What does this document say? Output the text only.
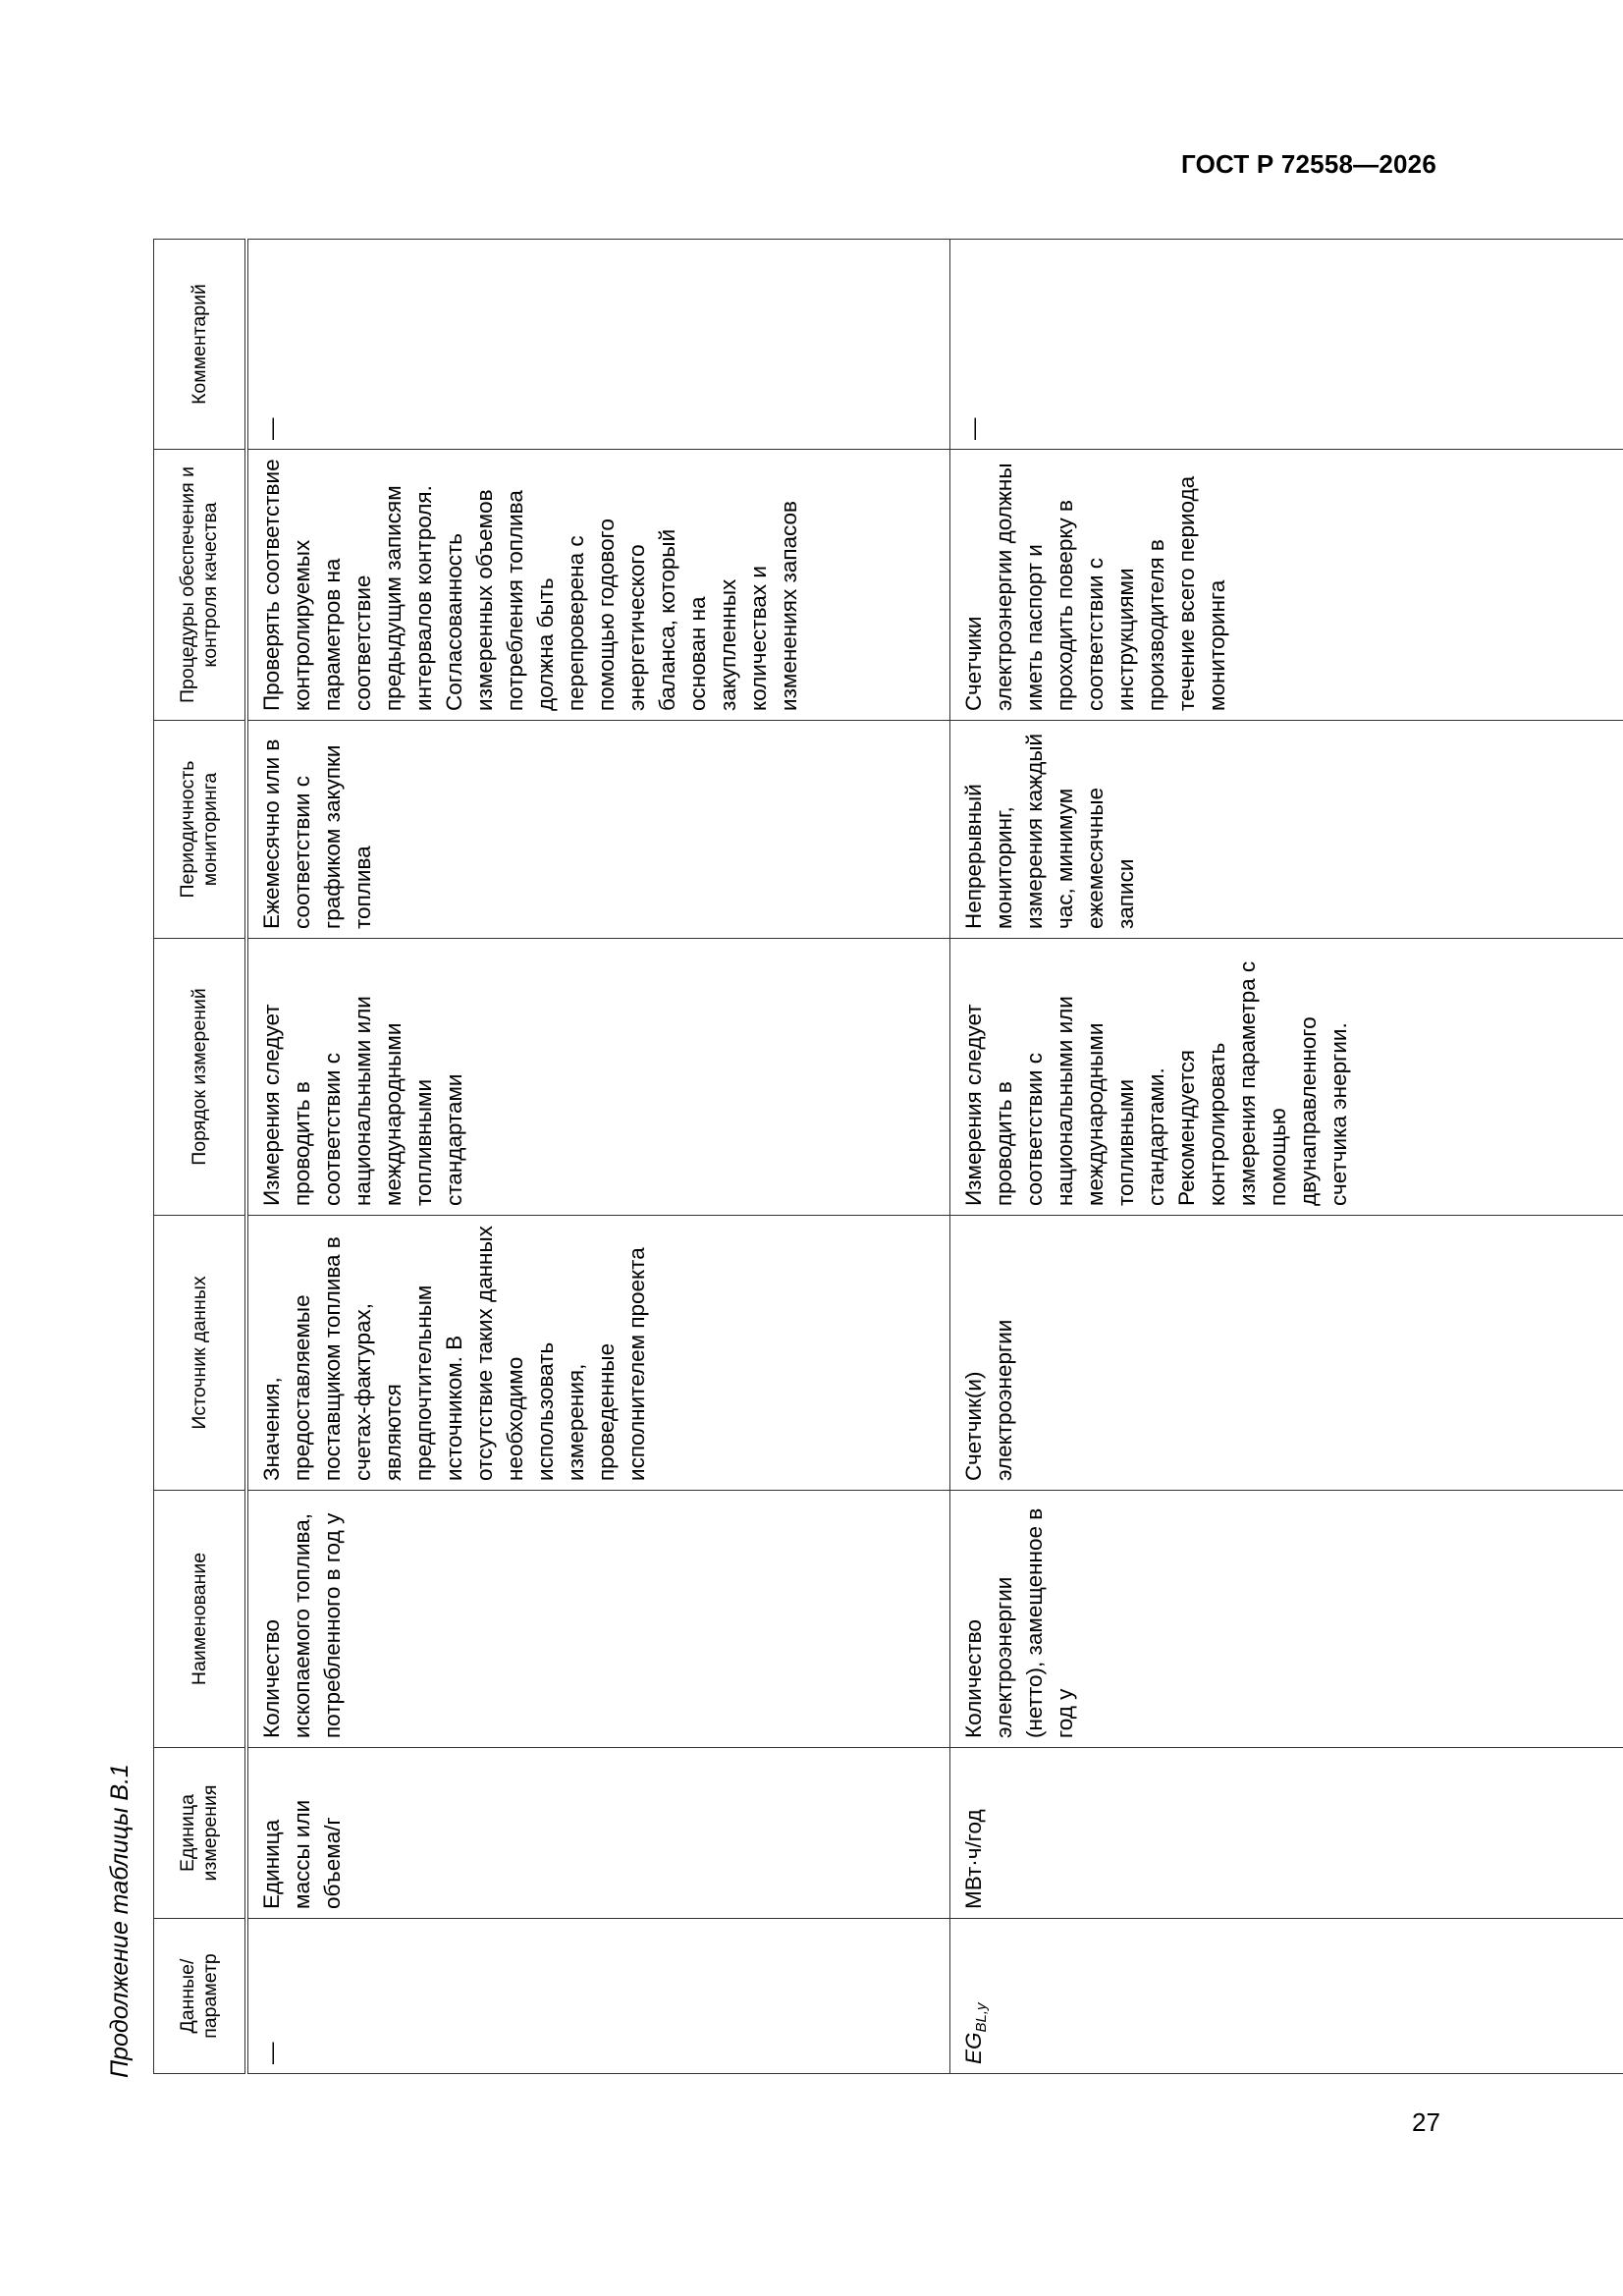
ГОСТ Р 72558—2026
Продолжение таблицы В.1 Данные/ параметр	Единица измерения	Наименование	Источник данных	Порядок измерений	Периодичность мониторинга	Процедуры обеспечения и контроля качества	Комментарий
—	Единица массы или объема/г	Количество ископаемого топлива, потребленного в год y	Значения, предоставляемые поставщиком топлива в счетах-фактурах, являются предпочтительным источником. В отсутствие таких данных необходимо использовать измерения, проведенные исполнителем проекта	Измерения следует проводить в соответствии с национальными или международными топливными стандартами	Ежемесячно или в соответствии с графиком закупки топлива	Проверять соответствие контролируемых параметров на соответствие предыдущим записям интервалов контроля. Согласованность измеренных объемов потребления топлива должна быть перепроверена с помощью годового энергетического баланса, который основан на закупленных количествах и изменениях запасов	—
$EG_{BL,y}$	МВт·ч/год	Количество электроэнергии (нетто), замещенное в год y	Счетчик(и) электроэнергии	Измерения следует проводить в соответствии с национальными или международными топливными стандартами. Рекомендуется контролировать измерения параметра с помощью двунаправленного счетчика энергии.	Непрерывный мониторинг, измерения каждый час, минимум ежемесячные записи	Счетчики электроэнергии должны иметь паспорт и проходить поверку в соответствии с инструкциями производителя в течение всего периода мониторинга	—
27
